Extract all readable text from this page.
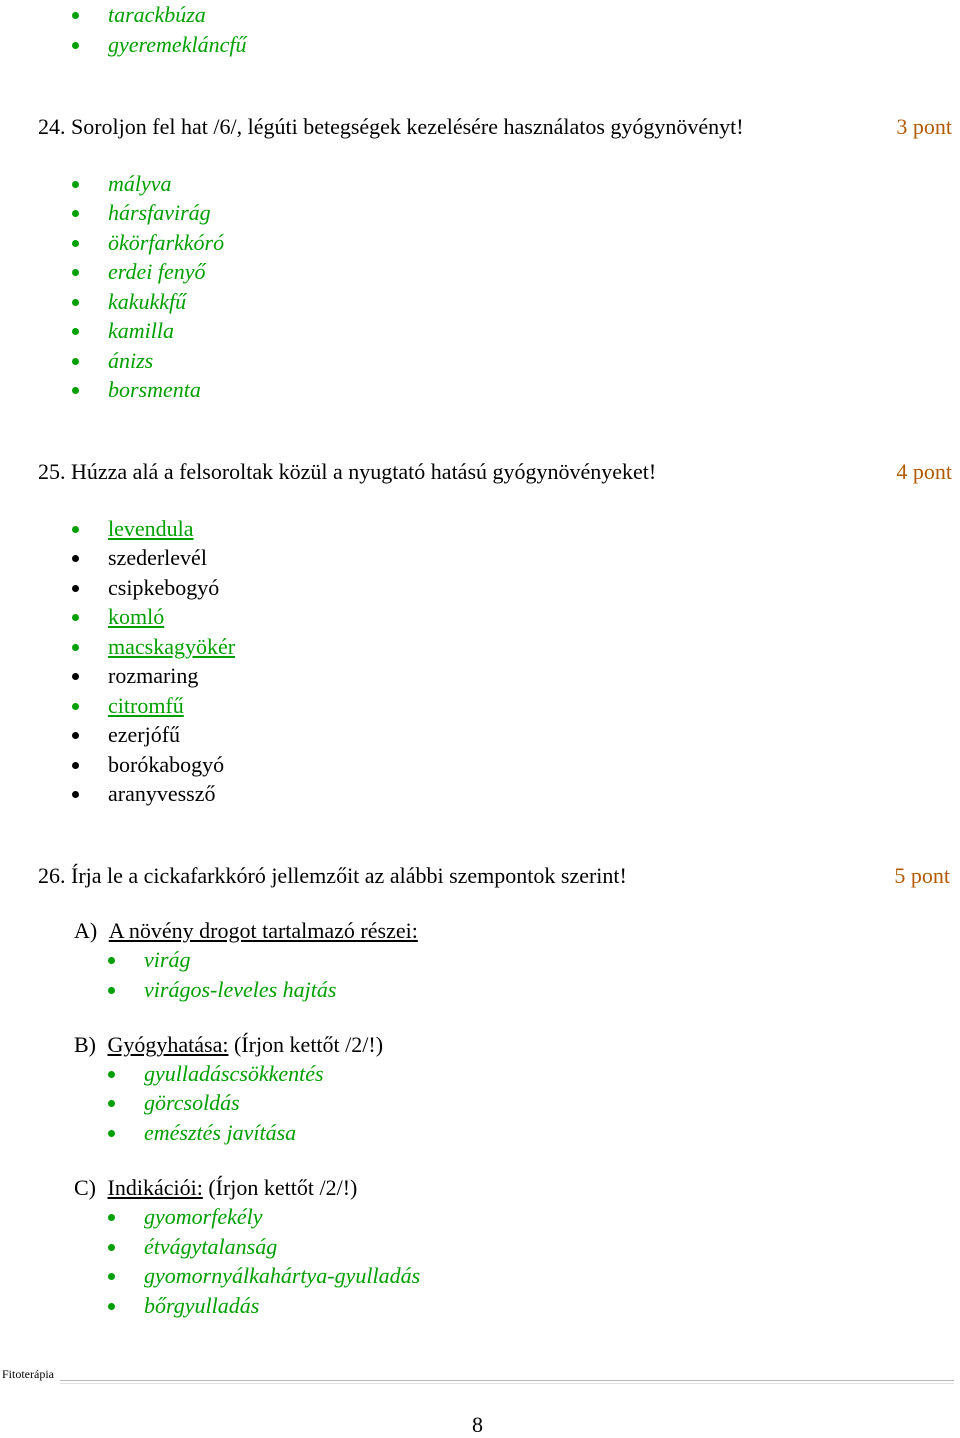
tarackbúza
gyeremekláncfű
24. Soroljon fel hat /6/, légúti betegségek kezelésére használatos gyógynövényt!	3 pont
mályva
hársfavirág
ökörfarkkóró
erdei fenyő
kakukkfű
kamilla
ánizs
borsmenta
25. Húzza alá a felsoroltak közül a nyugtató hatású gyógynövényeket!	4 pont
levendula
szederlevél
csipkebogyó
komló
macskagyökér
rozmaring
citromfű
ezerjófű
borókabogyó
aranyvessző
26. Írja le a cickafarkkóró jellemzőit az alábbi szempontok szerint!	5 pont
A) A növény drogot tartalmazó részei:
virág
virágos-leveles hajtás
B) Gyógyhatása: (Írjon kettőt /2/!)
gyulladáscsökkentés
görcsoldás
emésztés javítása
C) Indikációi: (Írjon kettőt /2/!)
gyomorfekély
étvágytalanság
gyomornyálkahártya-gyulladás
bőrgyulladás
Fitoterápia
8
